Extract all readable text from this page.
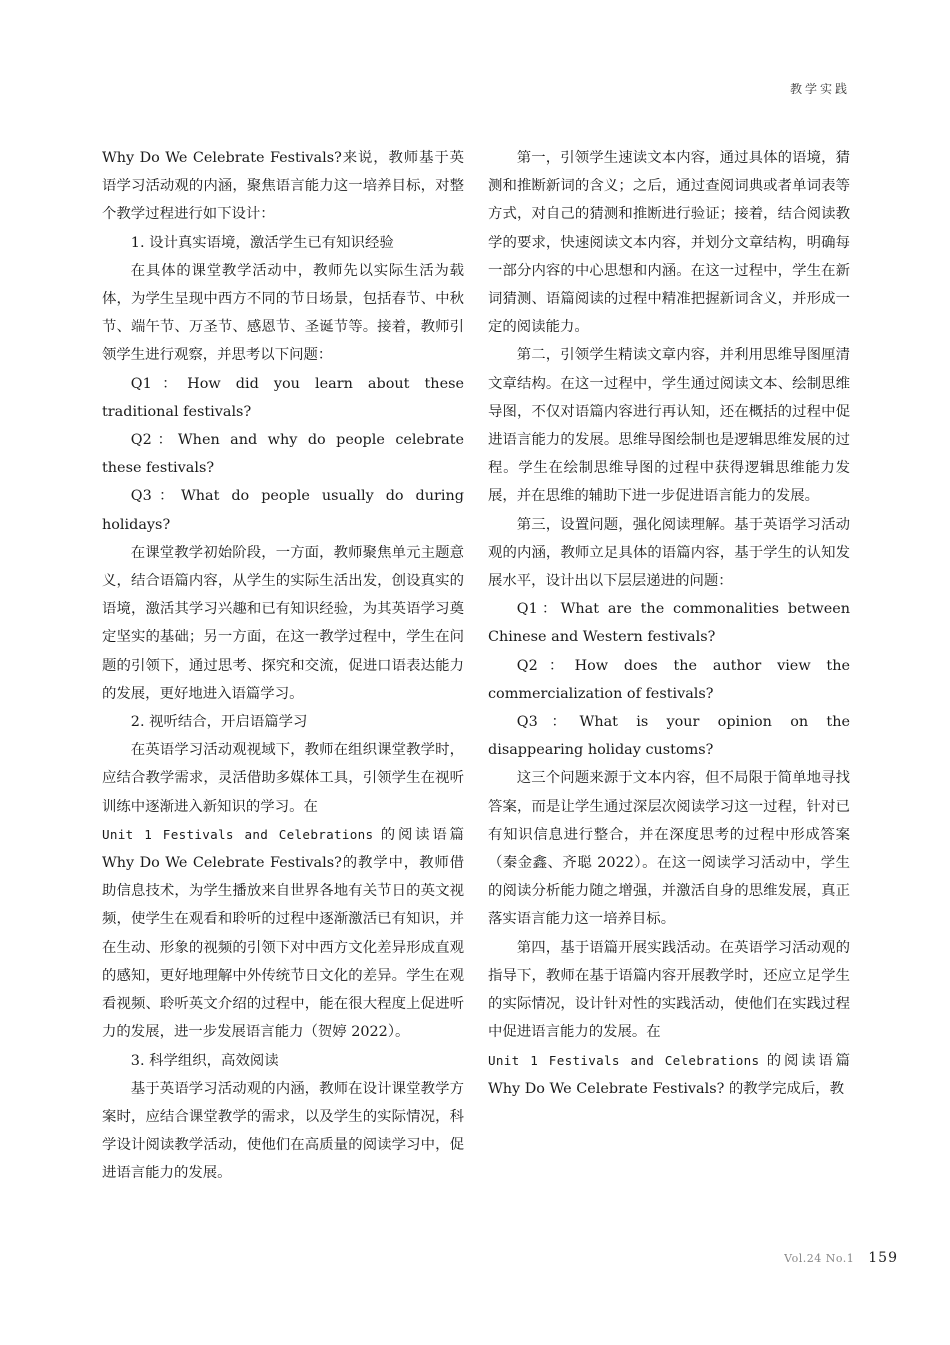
教学实践

Why Do We Celebrate Festivals?来说，教师基于英语学习活动观的内涵，聚焦语言能力这一培养目标，对整个教学过程进行如下设计：

1. 设计真实语境，激活学生已有知识经验

在具体的课堂教学活动中，教师先以实际生活为载体，为学生呈现中西方不同的节日场景，包括春节、中秋节、端午节、万圣节、感恩节、圣诞节等。接着，教师引领学生进行观察，并思考以下问题：

Q1：How did you learn about these traditional festivals?

Q2：When and why do people celebrate these festivals?

Q3：What do people usually do during holidays?

在课堂教学初始阶段，一方面，教师聚焦单元主题意义，结合语篇内容，从学生的实际生活出发，创设真实的语境，激活其学习兴趣和已有知识经验，为其英语学习奠定坚实的基础；另一方面，在这一教学过程中，学生在问题的引领下，通过思考、探究和交流，促进口语表达能力的发展，更好地进入语篇学习。

2. 视听结合，开启语篇学习

在英语学习活动观视域下，教师在组织课堂教学时，应结合教学需求，灵活借助多媒体工具，引领学生在视听训练中逐渐进入新知识的学习。在
Unit 1 Festivals and Celebrations 的阅读语篇 Why Do We Celebrate Festivals?的教学中，教师借助信息技术，为学生播放来自世界各地有关节日的英文视频，使学生在观看和聆听的过程中逐渐激活已有知识，并在生动、形象的视频的引领下对中西方文化差异形成直观的感知，更好地理解中外传统节日文化的差异。学生在观看视频、聆听英文介绍的过程中，能在很大程度上促进听力的发展，进一步发展语言能力（贺婷 2022）。

3. 科学组织，高效阅读

基于英语学习活动观的内涵，教师在设计课堂教学方案时，应结合课堂教学的需求，以及学生的实际情况，科学设计阅读教学活动，使他们在高质量的阅读学习中，促进语言能力的发展。

第一，引领学生速读文本内容，通过具体的语境，猜测和推断新词的含义；之后，通过查阅词典或者单词表等方式，对自己的猜测和推断进行验证；接着，结合阅读教学的要求，快速阅读文本内容，并划分文章结构，明确每一部分内容的中心思想和内涵。在这一过程中，学生在新词猜测、语篇阅读的过程中精准把握新词含义，并形成一定的阅读能力。

第二，引领学生精读文章内容，并利用思维导图厘清文章结构。在这一过程中，学生通过阅读文本、绘制思维导图，不仅对语篇内容进行再认知，还在概括的过程中促进语言能力的发展。思维导图绘制也是逻辑思维发展的过程。学生在绘制思维导图的过程中获得逻辑思维能力发展，并在思维的辅助下进一步促进语言能力的发展。

第三，设置问题，强化阅读理解。基于英语学习活动观的内涵，教师立足具体的语篇内容，基于学生的认知发展水平，设计出以下层层递进的问题：

Q1：What are the commonalities between Chinese and Western festivals?

Q2：How does the author view the commercialization of festivals?

Q3：What is your opinion on the disappearing holiday customs?

这三个问题来源于文本内容，但不局限于简单地寻找答案，而是让学生通过深层次阅读学习这一过程，针对已有知识信息进行整合，并在深度思考的过程中形成答案（秦金鑫、齐聪 2022）。在这一阅读学习活动中，学生的阅读分析能力随之增强，并激活自身的思维发展，真正落实语言能力这一培养目标。

第四，基于语篇开展实践活动。在英语学习活动观的指导下，教师在基于语篇内容开展教学时，还应立足学生的实际情况，设计针对性的实践活动，使他们在实践过程中促进语言能力的发展。在
Unit 1 Festivals and Celebrations 的阅读语篇 Why Do We Celebrate Festivals? 的教学完成后，教

Vol.24 No.1 159
